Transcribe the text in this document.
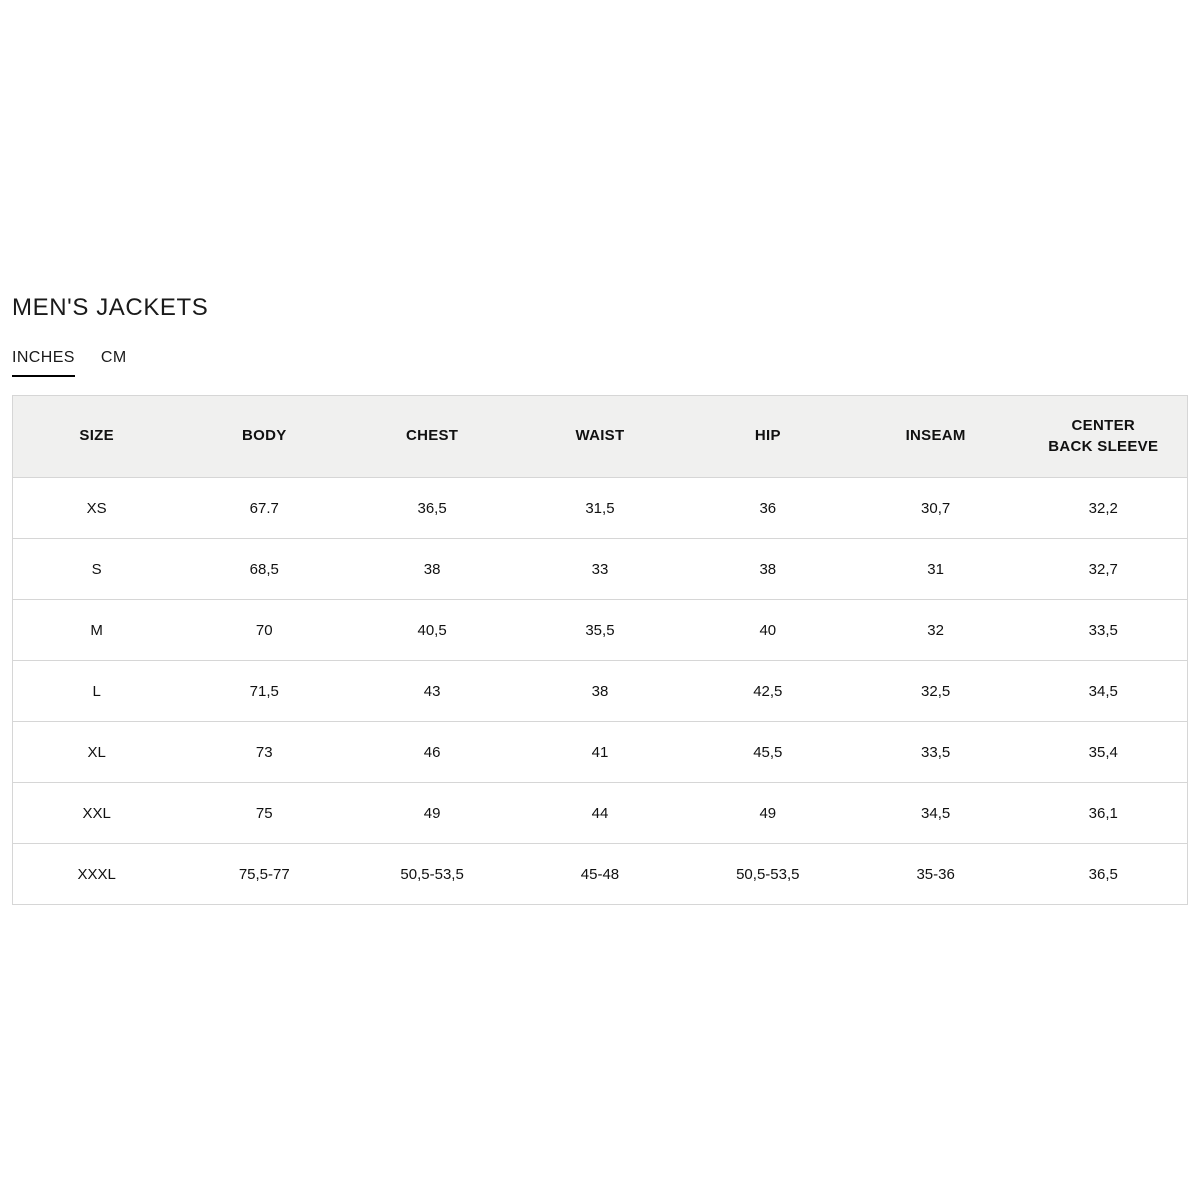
MEN'S JACKETS
INCHES CM
SIZE	BODY	CHEST	WAIST	HIP	INSEAM	CENTER BACK SLEEVE
XS	67.7	36,5	31,5	36	30,7	32,2
S	68,5	38	33	38	31	32,7
M	70	40,5	35,5	40	32	33,5
L	71,5	43	38	42,5	32,5	34,5
XL	73	46	41	45,5	33,5	35,4
XXL	75	49	44	49	34,5	36,1
XXXL	75,5-77	50,5-53,5	45-48	50,5-53,5	35-36	36,5
